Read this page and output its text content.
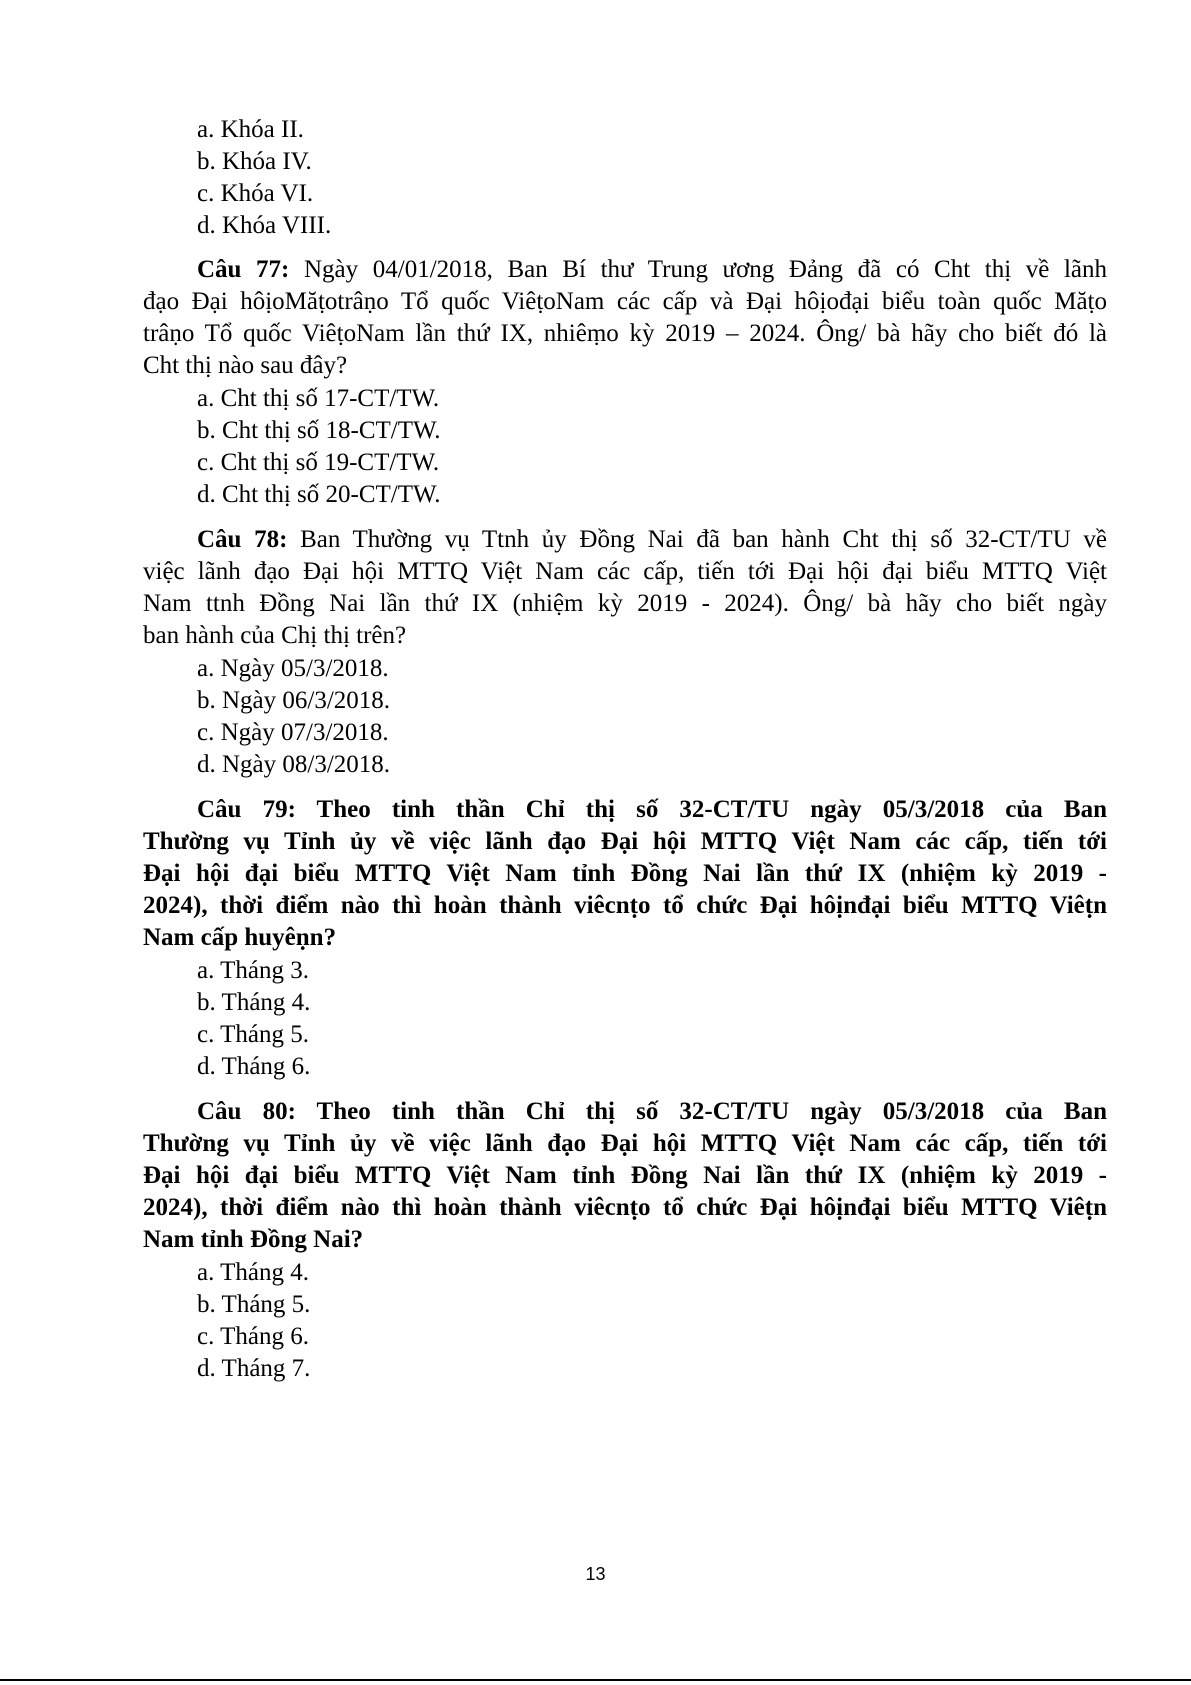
a. Khóa II.
b. Khóa IV.
c. Khóa VI.
d. Khóa VIII.
Câu 77: Ngày 04/01/2018, Ban Bí thư Trung ương Đảng đã có Cht thị về lãnh
đạo Đại hôịoMăṭotrâṇo Tổ quốc ViêṭoNam các cấp và Đại hôịođại biểu toàn quốc Măṭo
trâṇo Tổ quốc ViêṭoNam lần thứ IX, nhiêṃo kỳ 2019 – 2024. Ông/ bà hãy cho biết đó là
Cht thị nào sau đây?
a. Cht thị số 17-CT/TW.
b. Cht thị số 18-CT/TW.
c. Cht thị số 19-CT/TW.
d. Cht thị số 20-CT/TW.
Câu 78: Ban Thường vụ Ttnh ủy Đồng Nai đã ban hành Cht thị số 32-CT/TU về
việc lãnh đạo Đại hội MTTQ Việt Nam các cấp, tiến tới Đại hội đại biểu MTTQ Việt
Nam ttnh Đồng Nai lần thứ IX (nhiệm kỳ 2019 - 2024). Ông/ bà hãy cho biết ngày
ban hành của Chị thị trên?
a. Ngày 05/3/2018.
b. Ngày 06/3/2018.
c. Ngày 07/3/2018.
d. Ngày 08/3/2018.
Câu 79: Theo tinh thần Chỉ thị số 32-CT/TU ngày 05/3/2018 của Ban
Thường vụ Tỉnh ủy về việc lãnh đạo Đại hội MTTQ Việt Nam các cấp, tiến tới
Đại hội đại biểu MTTQ Việt Nam tỉnh Đồng Nai lần thứ IX (nhiệm kỳ 2019 -
2024), thời điểm nào thì hoàn thành viêcnṭo tổ chức Đại hôịnđại biểu MTTQ Viêṭn
Nam cấp huyêṇn?
a. Tháng 3.
b. Tháng 4.
c. Tháng 5.
d. Tháng 6.
Câu 80: Theo tinh thần Chỉ thị số 32-CT/TU ngày 05/3/2018 của Ban
Thường vụ Tỉnh ủy về việc lãnh đạo Đại hội MTTQ Việt Nam các cấp, tiến tới
Đại hội đại biểu MTTQ Việt Nam tỉnh Đồng Nai lần thứ IX (nhiệm kỳ 2019 -
2024), thời điểm nào thì hoàn thành viêcnṭo tổ chức Đại hôịnđại biểu MTTQ Viêṭn
Nam tỉnh Đồng Nai?
a. Tháng 4.
b. Tháng 5.
c. Tháng 6.
d. Tháng 7.
13
